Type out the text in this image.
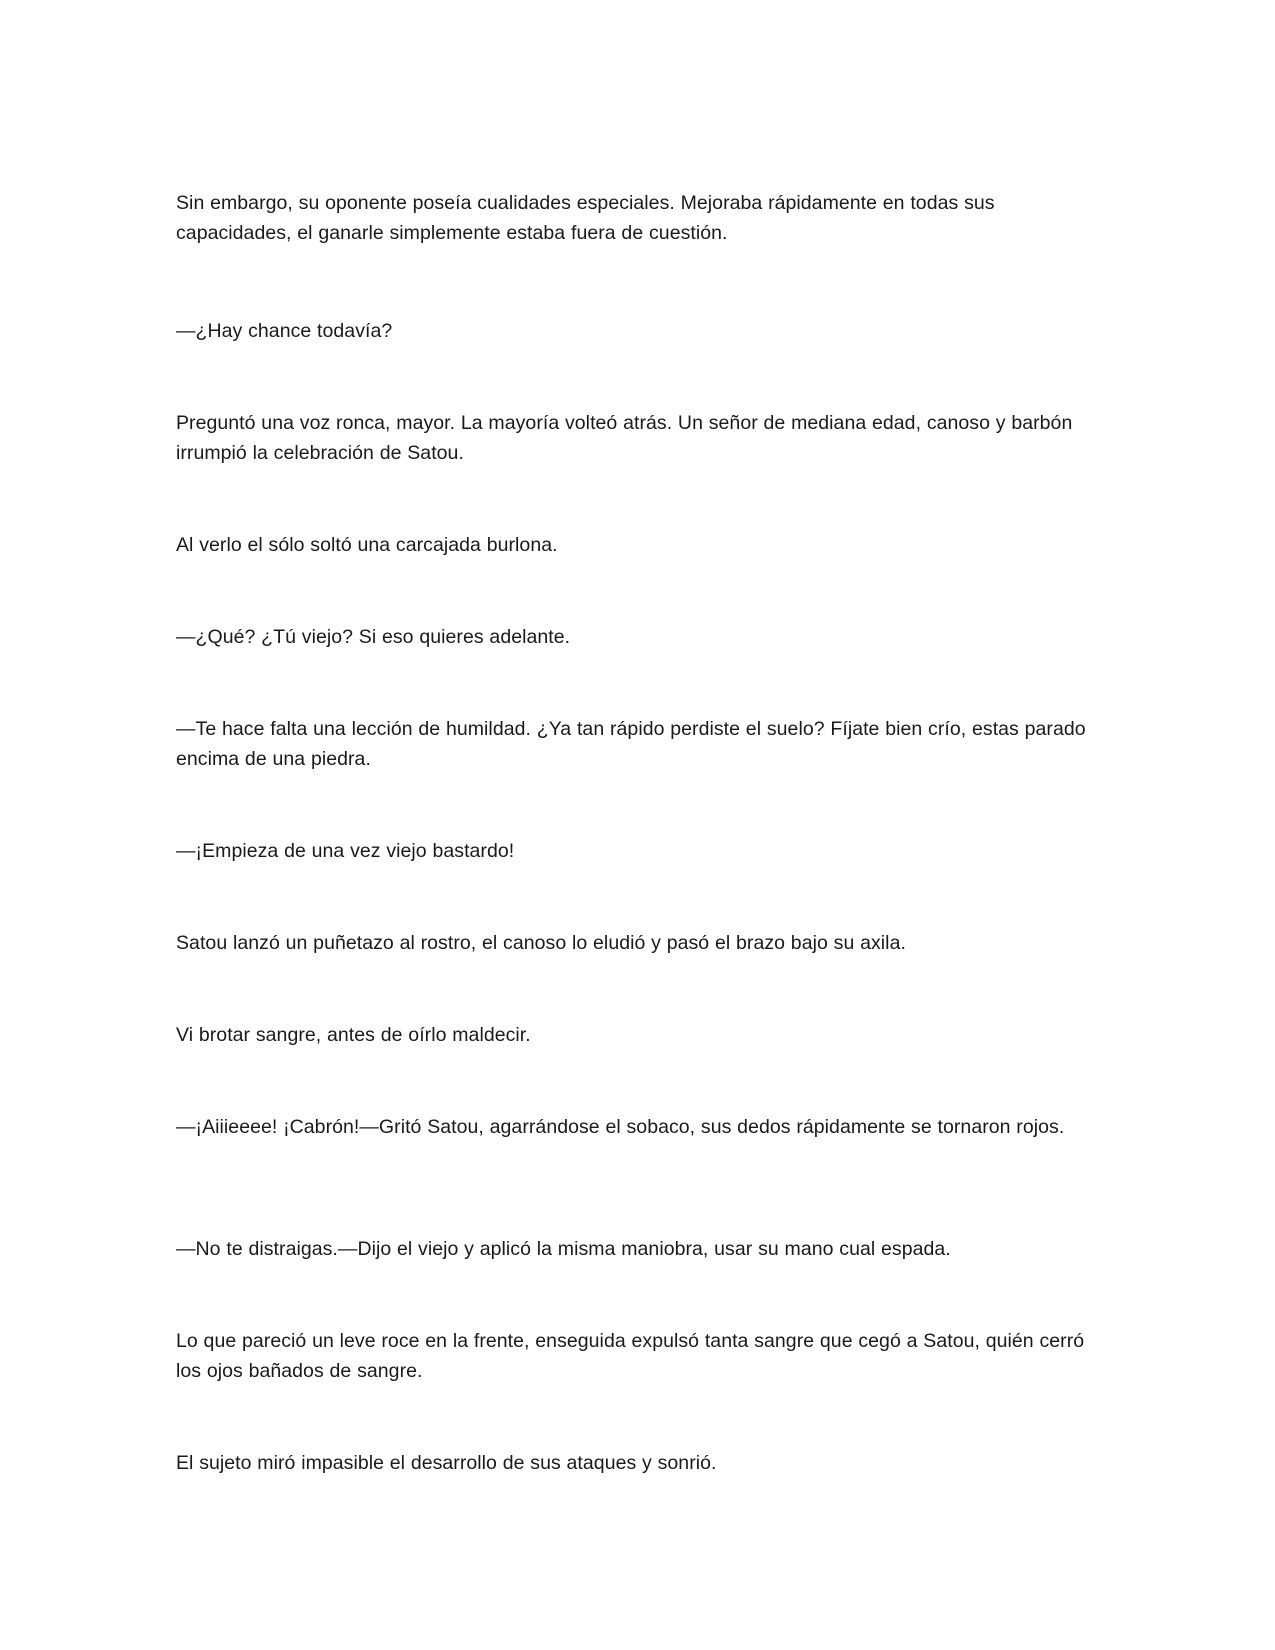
Sin embargo, su oponente poseía cualidades especiales. Mejoraba rápidamente en todas sus capacidades, el ganarle simplemente estaba fuera de cuestión.

—¿Hay chance todavía?

Preguntó una voz ronca, mayor. La mayoría volteó atrás. Un señor de mediana edad, canoso y barbón irrumpió la celebración de Satou.

Al verlo el sólo soltó una carcajada burlona.

—¿Qué? ¿Tú viejo? Si eso quieres adelante.

—Te hace falta una lección de humildad. ¿Ya tan rápido perdiste el suelo? Fíjate bien crío, estas parado encima de una piedra.

—¡Empieza de una vez viejo bastardo!

Satou lanzó un puñetazo al rostro, el canoso lo eludió y pasó el brazo bajo su axila.

Vi brotar sangre, antes de oírlo maldecir.

—¡Aiiieeee! ¡Cabrón!—Gritó Satou, agarrándose el sobaco, sus dedos rápidamente se tornaron rojos.

—No te distraigas.—Dijo el viejo y aplicó la misma maniobra, usar su mano cual espada.

Lo que pareció un leve roce en la frente, enseguida expulsó tanta sangre que cegó a Satou, quién cerró los ojos bañados de sangre.

El sujeto miró impasible el desarrollo de sus ataques y sonrió.
